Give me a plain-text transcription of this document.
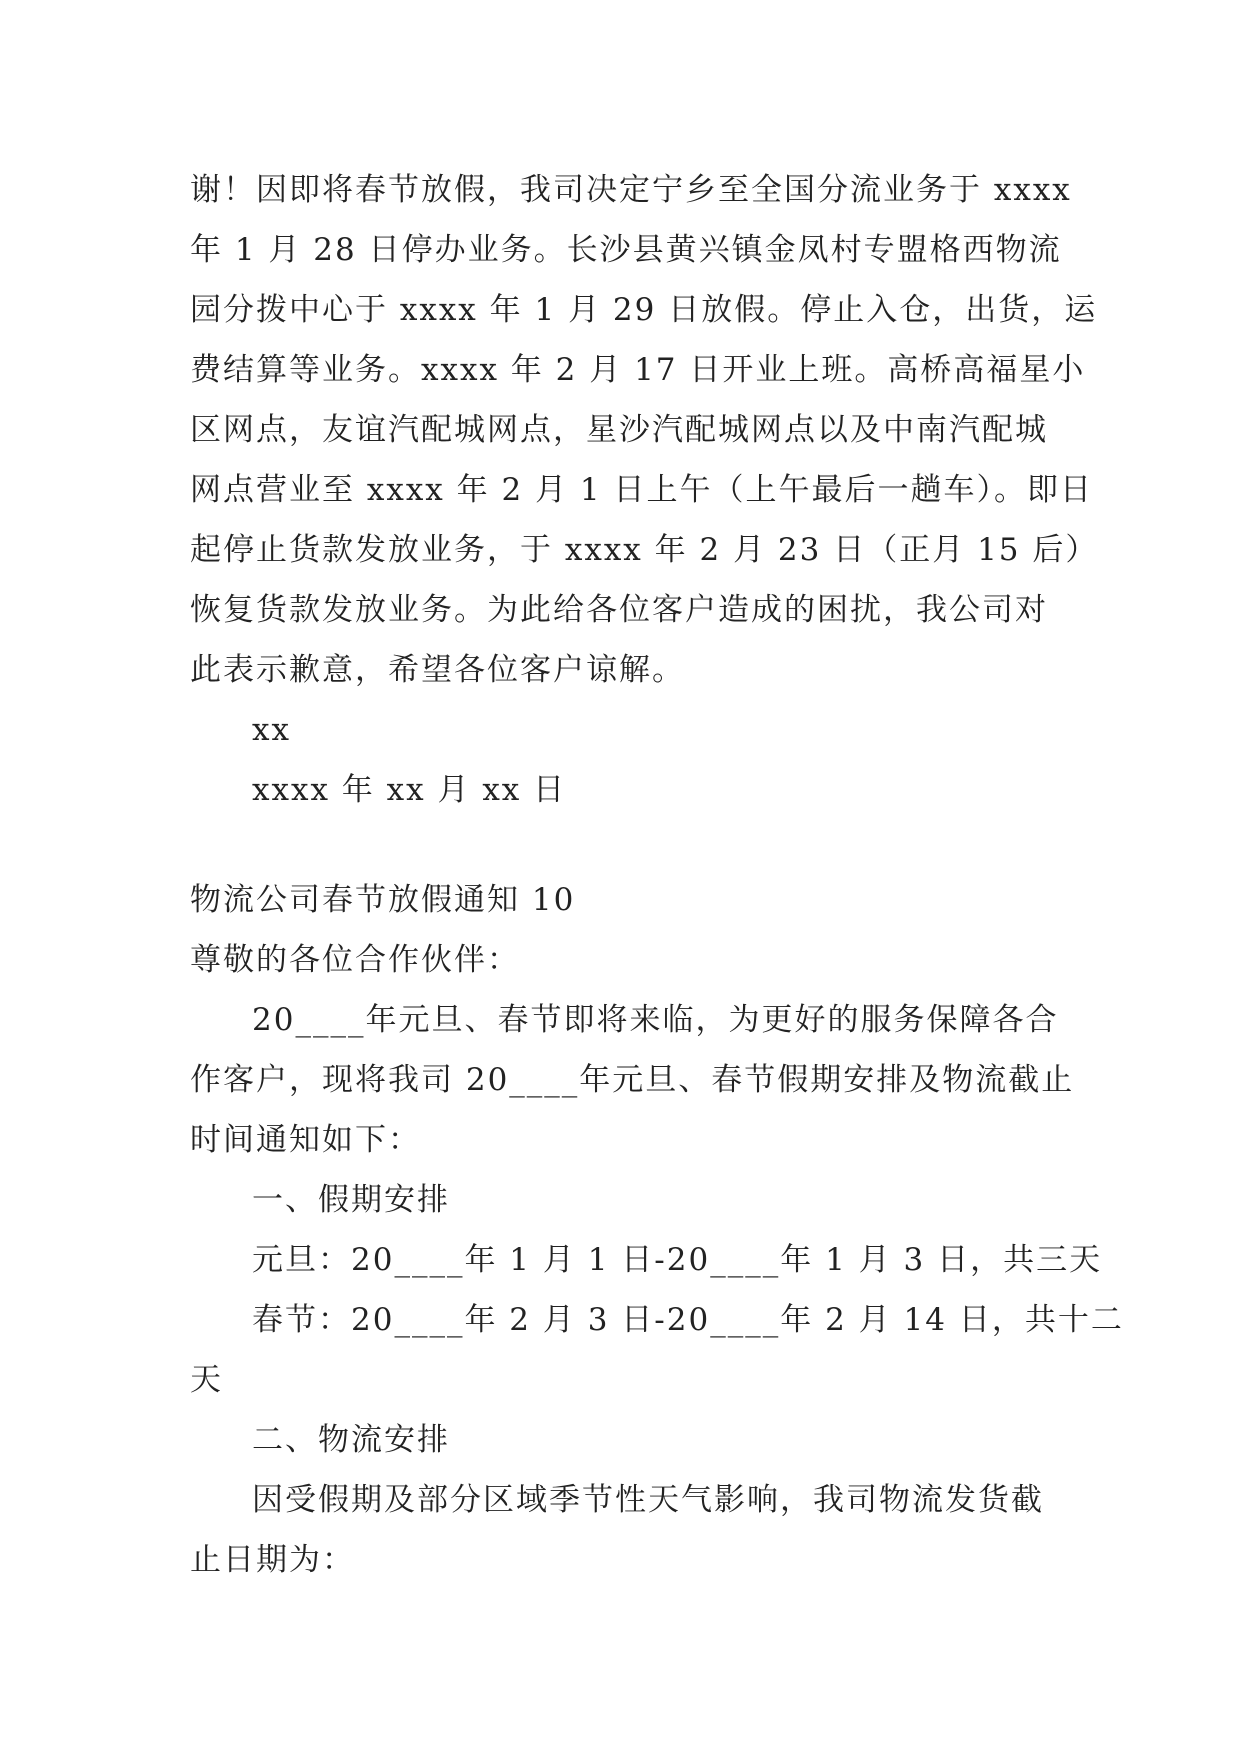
谢！因即将春节放假，我司决定宁乡至全国分流业务于 xxxx
年 1 月 28 日停办业务。长沙县黄兴镇金凤村专盟格西物流
园分拨中心于 xxxx 年 1 月 29 日放假。停止入仓，出货，运
费结算等业务。xxxx 年 2 月 17 日开业上班。高桥高福星小
区网点，友谊汽配城网点，星沙汽配城网点以及中南汽配城
网点营业至 xxxx 年 2 月 1 日上午（上午最后一趟车）。即日
起停止货款发放业务，于 xxxx 年 2 月 23 日（正月 15 后）
恢复货款发放业务。为此给各位客户造成的困扰，我公司对
此表示歉意，希望各位客户谅解。
xx
xxxx 年 xx 月 xx 日
物流公司春节放假通知 10
尊敬的各位合作伙伴：
20____年元旦、春节即将来临，为更好的服务保障各合
作客户，现将我司 20____年元旦、春节假期安排及物流截止
时间通知如下：
一、假期安排
元旦：20____年 1 月 1 日-20____年 1 月 3 日，共三天
春节：20____年 2 月 3 日-20____年 2 月 14 日，共十二
天
二、物流安排
因受假期及部分区域季节性天气影响，我司物流发货截
止日期为：
